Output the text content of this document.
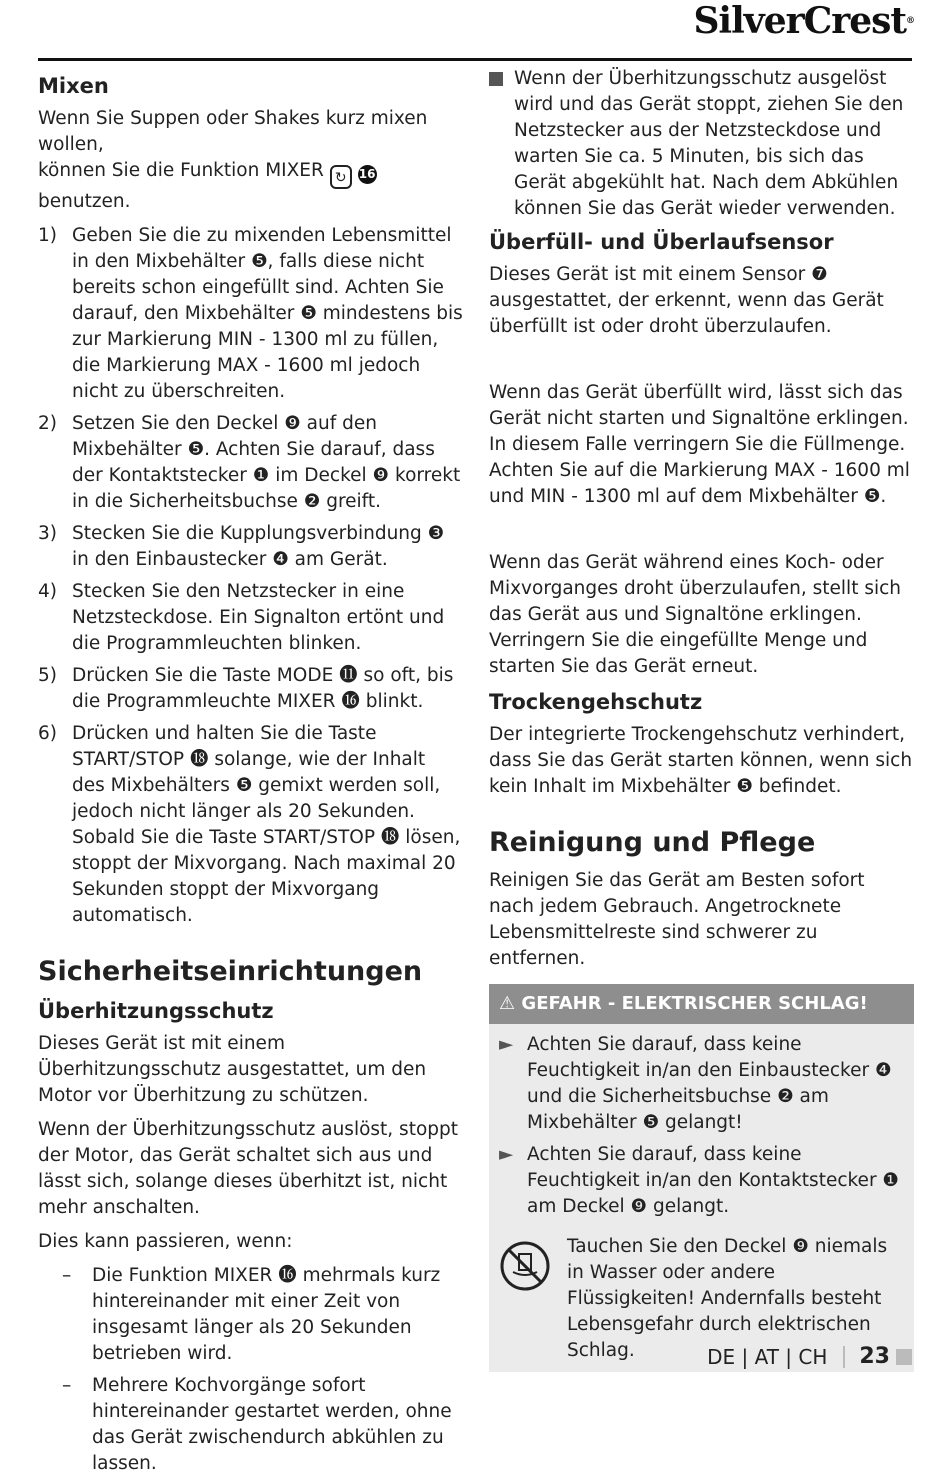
SilverCrest®
Mixen

Wenn Sie Suppen oder Shakes kurz mixen wollen,
können Sie die Funktion MIXER ↻ 16 benutzen.

1) Geben Sie die zu mixenden Lebensmittel in den Mixbehälter ❺, falls diese nicht bereits schon eingefüllt sind. Achten Sie darauf, den Mixbehälter ❺ mindestens bis zur Markierung MIN - 1300 ml zu füllen, die Markierung MAX - 1600 ml jedoch nicht zu überschreiten.
2) Setzen Sie den Deckel ❾ auf den Mixbehälter ❺. Achten Sie darauf, dass der Kontaktstecker ❶ im Deckel ❾ korrekt in die Sicherheitsbuchse ❷ greift.
3) Stecken Sie die Kupplungsverbindung ❸ in den Einbaustecker ❹ am Gerät.
4) Stecken Sie den Netzstecker in eine Netzsteckdose. Ein Signalton ertönt und die Programmleuchten blinken.
5) Drücken Sie die Taste MODE ⓫ so oft, bis die Programmleuchte MIXER ⓰ blinkt.
6) Drücken und halten Sie die Taste START/STOP ⓲ solange, wie der Inhalt des Mixbehälters ❺ gemixt werden soll, jedoch nicht länger als 20 Sekunden.
Sobald Sie die Taste START/STOP ⓲ lösen, stoppt der Mixvorgang. Nach maximal 20 Sekunden stoppt der Mixvorgang automatisch.
Sicherheitseinrichtungen
Überhitzungsschutz

Dieses Gerät ist mit einem Überhitzungsschutz ausgestattet, um den Motor vor Überhitzung zu schützen.

Wenn der Überhitzungsschutz auslöst, stoppt der Motor, das Gerät schaltet sich aus und lässt sich, solange dieses überhitzt ist, nicht mehr anschalten.

Dies kann passieren, wenn:

–	Die Funktion MIXER ⓰ mehrmals kurz hintereinander mit einer Zeit von insgesamt länger als 20 Sekunden betrieben wird.
–	Mehrere Kochvorgänge sofort hintereinander gestartet werden, ohne das Gerät zwischendurch abkühlen zu lassen.
Wenn der Überhitzungsschutz ausgelöst wird und das Gerät stoppt, ziehen Sie den Netzstecker aus der Netzsteckdose und warten Sie ca. 5 Minuten, bis sich das Gerät abgekühlt hat. Nach dem Abkühlen können Sie das Gerät wieder verwenden.
Überfüll- und Überlaufsensor

Dieses Gerät ist mit einem Sensor ❼ ausgestattet, der erkennt, wenn das Gerät überfüllt ist oder droht überzulaufen.

Wenn das Gerät überfüllt wird, lässt sich das Gerät nicht starten und Signaltöne erklingen. In diesem Falle verringern Sie die Füllmenge. Achten Sie auf die Markierung MAX - 1600 ml und MIN - 1300 ml auf dem Mixbehälter ❺.

Wenn das Gerät während eines Koch- oder Mixvorganges droht überzulaufen, stellt sich das Gerät aus und Signaltöne erklingen. Verringern Sie die eingefüllte Menge und starten Sie das Gerät erneut.

Trockengehschutz

Der integrierte Trockengehschutz verhindert, dass Sie das Gerät starten können, wenn sich kein Inhalt im Mixbehälter ❺ befindet.

Reinigung und Pflege

Reinigen Sie das Gerät am Besten sofort nach jedem Gebrauch. Angetrocknete Lebensmittelreste sind schwerer zu entfernen.

⚠ GEFAHR - ELEKTRISCHER SCHLAG!
► Achten Sie darauf, dass keine Feuchtigkeit in/an den Einbaustecker ❹ und die Sicherheitsbuchse ❷ am Mixbehälter ❺ gelangt!
► Achten Sie darauf, dass keine Feuchtigkeit in/an den Kontaktstecker ❶ am Deckel ❾ gelangt.
Tauchen Sie den Deckel ❾ niemals in Wasser oder andere Flüssigkeiten! Andernfalls besteht Lebensgefahr durch elektrischen Schlag.	DE | AT | CH 23
